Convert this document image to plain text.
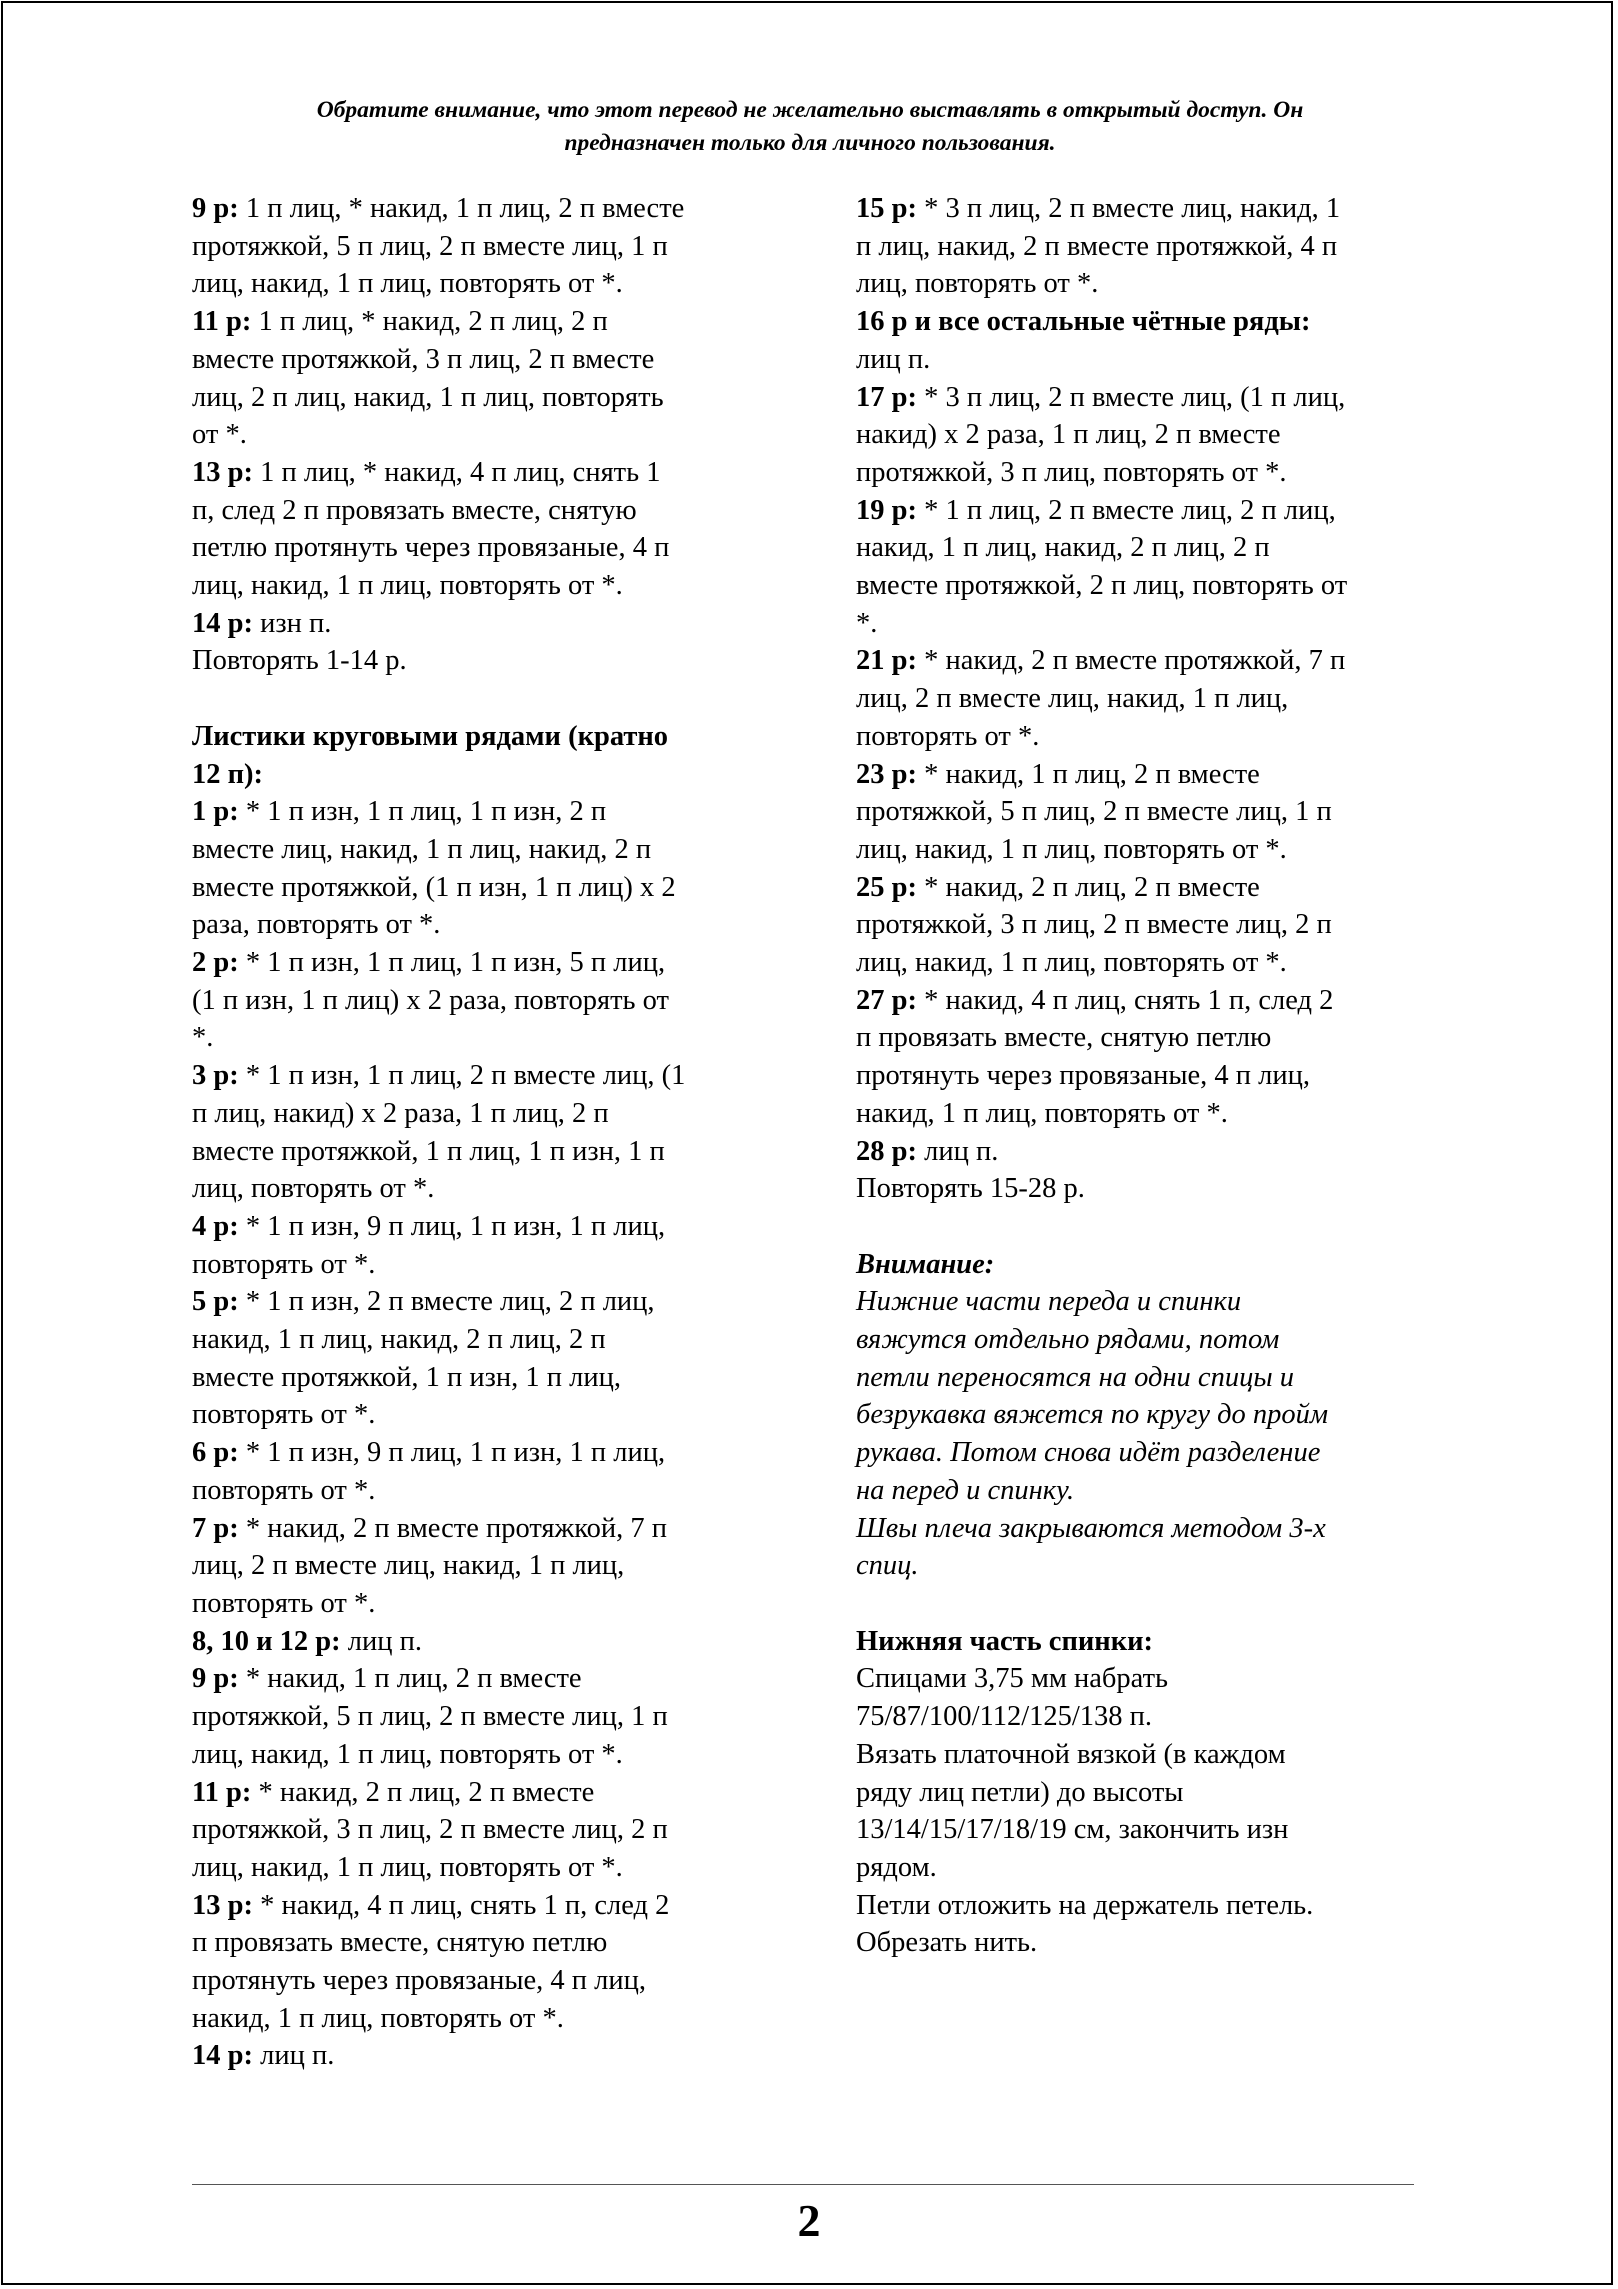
Обратите внимание, что этот перевод не желательно выставлять в открытый доступ. Он
предназначен только для личного пользования.
9 р: 1 п лиц, * накид, 1 п лиц, 2 п вместе
протяжкой, 5 п лиц, 2 п вместе лиц, 1 п
лиц, накид, 1 п лиц, повторять от *.
11 р: 1 п лиц, * накид, 2 п лиц, 2 п
вместе протяжкой, 3 п лиц, 2 п вместе
лиц, 2 п лиц, накид, 1 п лиц, повторять
от *.
13 р: 1 п лиц, * накид, 4 п лиц, снять 1
п, след 2 п провязать вместе, снятую
петлю протянуть через провязаные, 4 п
лиц, накид, 1 п лиц, повторять от *.
14 р: изн п.
Повторять 1-14 р.
Листики круговыми рядами (кратно
12 п):
1 р: * 1 п изн, 1 п лиц, 1 п изн, 2 п
вместе лиц, накид, 1 п лиц, накид, 2 п
вместе протяжкой, (1 п изн, 1 п лиц) х 2
раза, повторять от *.
2 р: * 1 п изн, 1 п лиц, 1 п изн, 5 п лиц,
(1 п изн, 1 п лиц) х 2 раза, повторять от
*.
3 р: * 1 п изн, 1 п лиц, 2 п вместе лиц, (1
п лиц, накид) х 2 раза, 1 п лиц, 2 п
вместе протяжкой, 1 п лиц, 1 п изн, 1 п
лиц, повторять от *.
4 р: * 1 п изн, 9 п лиц, 1 п изн, 1 п лиц,
повторять от *.
5 р: * 1 п изн, 2 п вместе лиц, 2 п лиц,
накид, 1 п лиц, накид, 2 п лиц, 2 п
вместе протяжкой, 1 п изн, 1 п лиц,
повторять от *.
6 р: * 1 п изн, 9 п лиц, 1 п изн, 1 п лиц,
повторять от *.
7 р: * накид, 2 п вместе протяжкой, 7 п
лиц, 2 п вместе лиц, накид, 1 п лиц,
повторять от *.
8, 10 и 12 р: лиц п.
9 р: * накид, 1 п лиц, 2 п вместе
протяжкой, 5 п лиц, 2 п вместе лиц, 1 п
лиц, накид, 1 п лиц, повторять от *.
11 р: * накид, 2 п лиц, 2 п вместе
протяжкой, 3 п лиц, 2 п вместе лиц, 2 п
лиц, накид, 1 п лиц, повторять от *.
13 р: * накид, 4 п лиц, снять 1 п, след 2
п провязать вместе, снятую петлю
протянуть через провязаные, 4 п лиц,
накид, 1 п лиц, повторять от *.
14 р: лиц п.
15 р: * 3 п лиц, 2 п вместе лиц, накид, 1
п лиц, накид, 2 п вместе протяжкой, 4 п
лиц, повторять от *.
16 р и все остальные чётные ряды:
лиц п.
17 р: * 3 п лиц, 2 п вместе лиц, (1 п лиц,
накид) х 2 раза, 1 п лиц, 2 п вместе
протяжкой, 3 п лиц, повторять от *.
19 р: * 1 п лиц, 2 п вместе лиц, 2 п лиц,
накид, 1 п лиц, накид, 2 п лиц, 2 п
вместе протяжкой, 2 п лиц, повторять от
*.
21 р: * накид, 2 п вместе протяжкой, 7 п
лиц, 2 п вместе лиц, накид, 1 п лиц,
повторять от *.
23 р: * накид, 1 п лиц, 2 п вместе
протяжкой, 5 п лиц, 2 п вместе лиц, 1 п
лиц, накид, 1 п лиц, повторять от *.
25 р: * накид, 2 п лиц, 2 п вместе
протяжкой, 3 п лиц, 2 п вместе лиц, 2 п
лиц, накид, 1 п лиц, повторять от *.
27 р: * накид, 4 п лиц, снять 1 п, след 2
п провязать вместе, снятую петлю
протянуть через провязаные, 4 п лиц,
накид, 1 п лиц, повторять от *.
28 р: лиц п.
Повторять 15-28 р.
Внимание:
Нижние части переда и спинки
вяжутся отдельно рядами, потом
петли переносятся на одни спицы и
безрукавка вяжется по кругу до пройм
рукава. Потом снова идёт разделение
на перед и спинку.
Швы плеча закрываются методом 3-х
спиц.
Нижняя часть спинки:
Спицами 3,75 мм набрать
75/87/100/112/125/138 п.
Вязать платочной вязкой (в каждом
ряду лиц петли) до высоты
13/14/15/17/18/19 см, закончить изн
рядом.
Петли отложить на держатель петель.
Обрезать нить.
2
